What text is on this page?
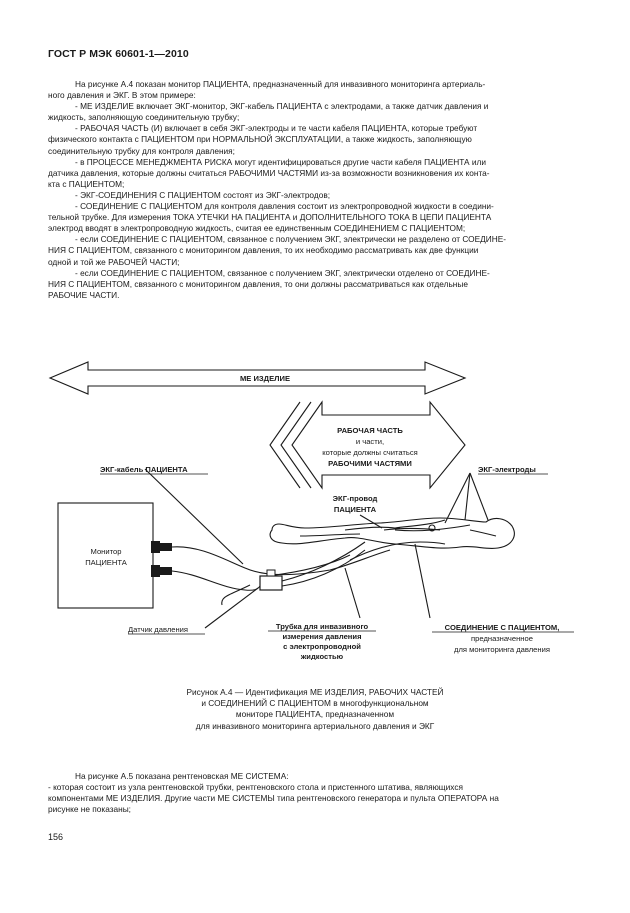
ГОСТ Р МЭК 60601-1—2010
На рисунке А.4 показан монитор ПАЦИЕНТА, предназначенный для инвазивного мониторинга артериаль-
ного давления и ЭКГ. В этом примере:
- МЕ ИЗДЕЛИЕ включает ЭКГ-монитор, ЭКГ-кабель ПАЦИЕНТА с электродами, а также датчик давления и
жидкость, заполняющую соединительную трубку;
- РАБОЧАЯ ЧАСТЬ (И) включает в себя ЭКГ-электроды и те части кабеля ПАЦИЕНТА, которые требуют
физического контакта с ПАЦИЕНТОМ при НОРМАЛЬНОЙ ЭКСПЛУАТАЦИИ, а также жидкость, заполняющую
соединительную трубку для контроля давления;
- в ПРОЦЕССЕ МЕНЕДЖМЕНТА РИСКА могут идентифицироваться другие части кабеля ПАЦИЕНТА или
датчика давления, которые должны считаться РАБОЧИМИ ЧАСТЯМИ из-за возможности возникновения их конта-
кта с ПАЦИЕНТОМ;
- ЭКГ-СОЕДИНЕНИЯ С ПАЦИЕНТОМ состоят из ЭКГ-электродов;
- СОЕДИНЕНИЕ С ПАЦИЕНТОМ для контроля давления состоит из электропроводной жидкости в соедини-
тельной трубке. Для измерения ТОКА УТЕЧКИ НА ПАЦИЕНТА и ДОПОЛНИТЕЛЬНОГО ТОКА В ЦЕПИ ПАЦИЕНТА
электрод вводят в электропроводную жидкость, считая ее единственным СОЕДИНЕНИЕМ С ПАЦИЕНТОМ;
- если СОЕДИНЕНИЕ С ПАЦИЕНТОМ, связанное с получением ЭКГ, электрически не разделено от СОЕДИНЕ-
НИЯ С ПАЦИЕНТОМ, связанного с мониторингом давления, то их необходимо рассматривать как две функции
одной и той же РАБОЧЕЙ ЧАСТИ;
- если СОЕДИНЕНИЕ С ПАЦИЕНТОМ, связанное с получением ЭКГ, электрически отделено от СОЕДИНЕ-
НИЯ С ПАЦИЕНТОМ, связанного с мониторингом давления, то они должны рассматриваться как отдельные
РАБОЧИЕ ЧАСТИ.
МЕ ИЗДЕЛИЕ
РАБОЧАЯ ЧАСТЬ
и части,
которые должны считаться
РАБОЧИМИ ЧАСТЯМИ
ЭКГ-кабель ПАЦИЕНТА	ЭКГ-электроды
ЭКГ-провод
ПАЦИЕНТА
Монитор
ПАЦИЕНТА
Датчик давления	Трубка для инвазивного
измерения давления
с электропроводной
жидкостью
СОЕДИНЕНИЕ С ПАЦИЕНТОМ,
предназначенное
для мониторинга давления
Рисунок А.4 — Идентификация МЕ ИЗДЕЛИЯ, РАБОЧИХ ЧАСТЕЙ
и СОЕДИНЕНИЙ С ПАЦИЕНТОМ в многофункциональном
мониторе ПАЦИЕНТА, предназначенном
для инвазивного мониторинга артериального давления и ЭКГ
На рисунке А.5 показана рентгеновская МЕ СИСТЕМА:
- которая состоит из узла рентгеновской трубки, рентгеновского стола и пристенного штатива, являющихся
компонентами МЕ ИЗДЕЛИЯ. Другие части МЕ СИСТЕМЫ типа рентгеновского генератора и пульта ОПЕРАТОРА на
рисунке не показаны;
156
